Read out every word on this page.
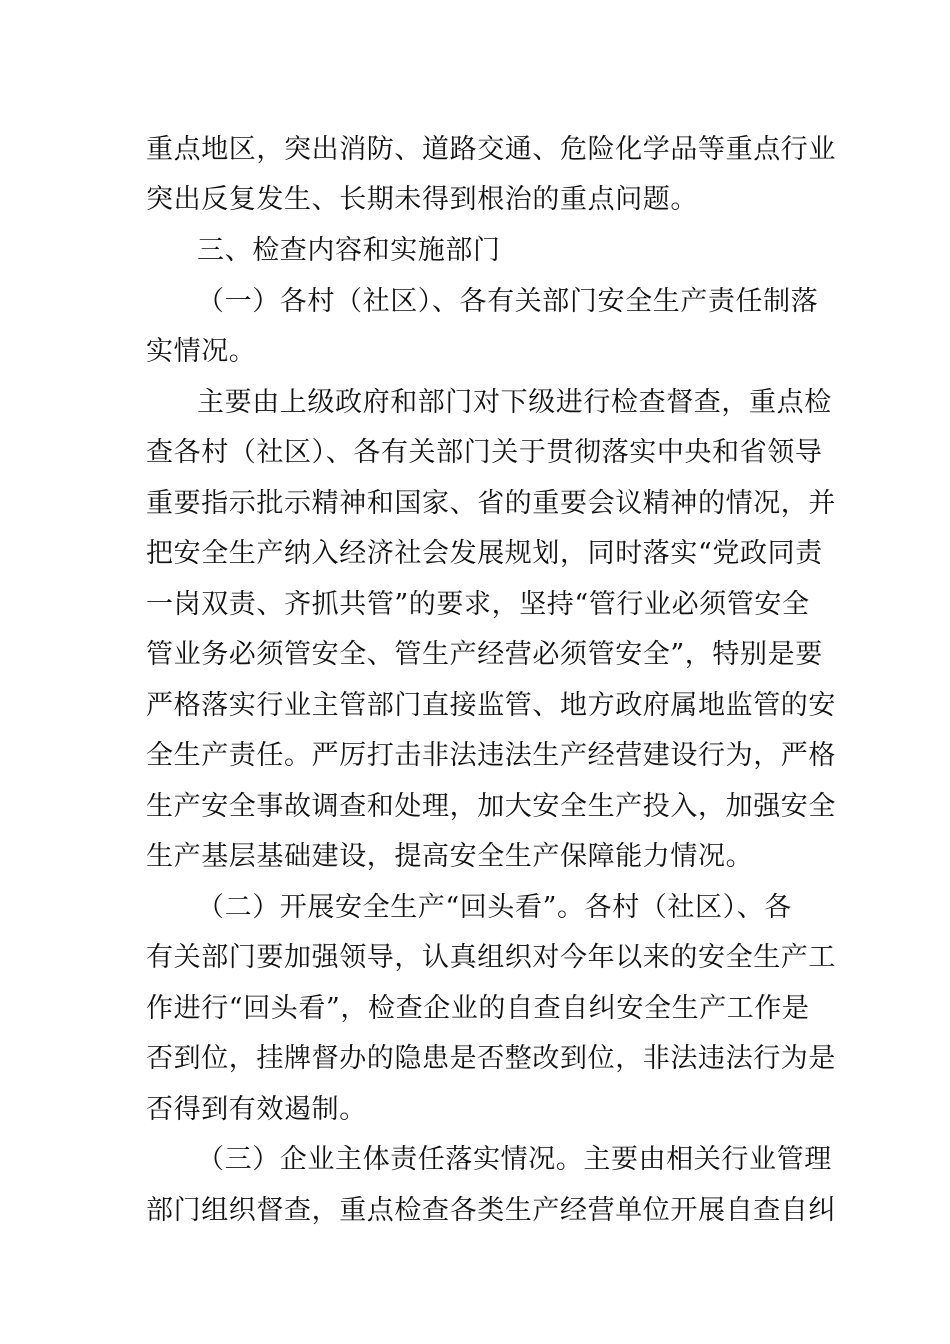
重点地区，突出消防、道路交通、危险化学品等重点行业
突出反复发生、长期未得到根治的重点问题。
三、检查内容和实施部门
（一）各村（社区）、各有关部门安全生产责任制落
实情况。
主要由上级政府和部门对下级进行检查督查，重点检
查各村（社区）、各有关部门关于贯彻落实中央和省领导
重要指示批示精神和国家、省的重要会议精神的情况，并
把安全生产纳入经济社会发展规划，同时落实“党政同责
一岗双责、齐抓共管”的要求，坚持“管行业必须管安全
管业务必须管安全、管生产经营必须管安全”，特别是要
严格落实行业主管部门直接监管、地方政府属地监管的安
全生产责任。严厉打击非法违法生产经营建设行为，严格
生产安全事故调查和处理，加大安全生产投入，加强安全
生产基层基础建设，提高安全生产保障能力情况。
（二）开展安全生产“回头看”。各村（社区）、各
有关部门要加强领导，认真组织对今年以来的安全生产工
作进行“回头看”，检查企业的自查自纠安全生产工作是
否到位，挂牌督办的隐患是否整改到位，非法违法行为是
否得到有效遏制。
（三）企业主体责任落实情况。主要由相关行业管理
部门组织督查，重点检查各类生产经营单位开展自查自纠
